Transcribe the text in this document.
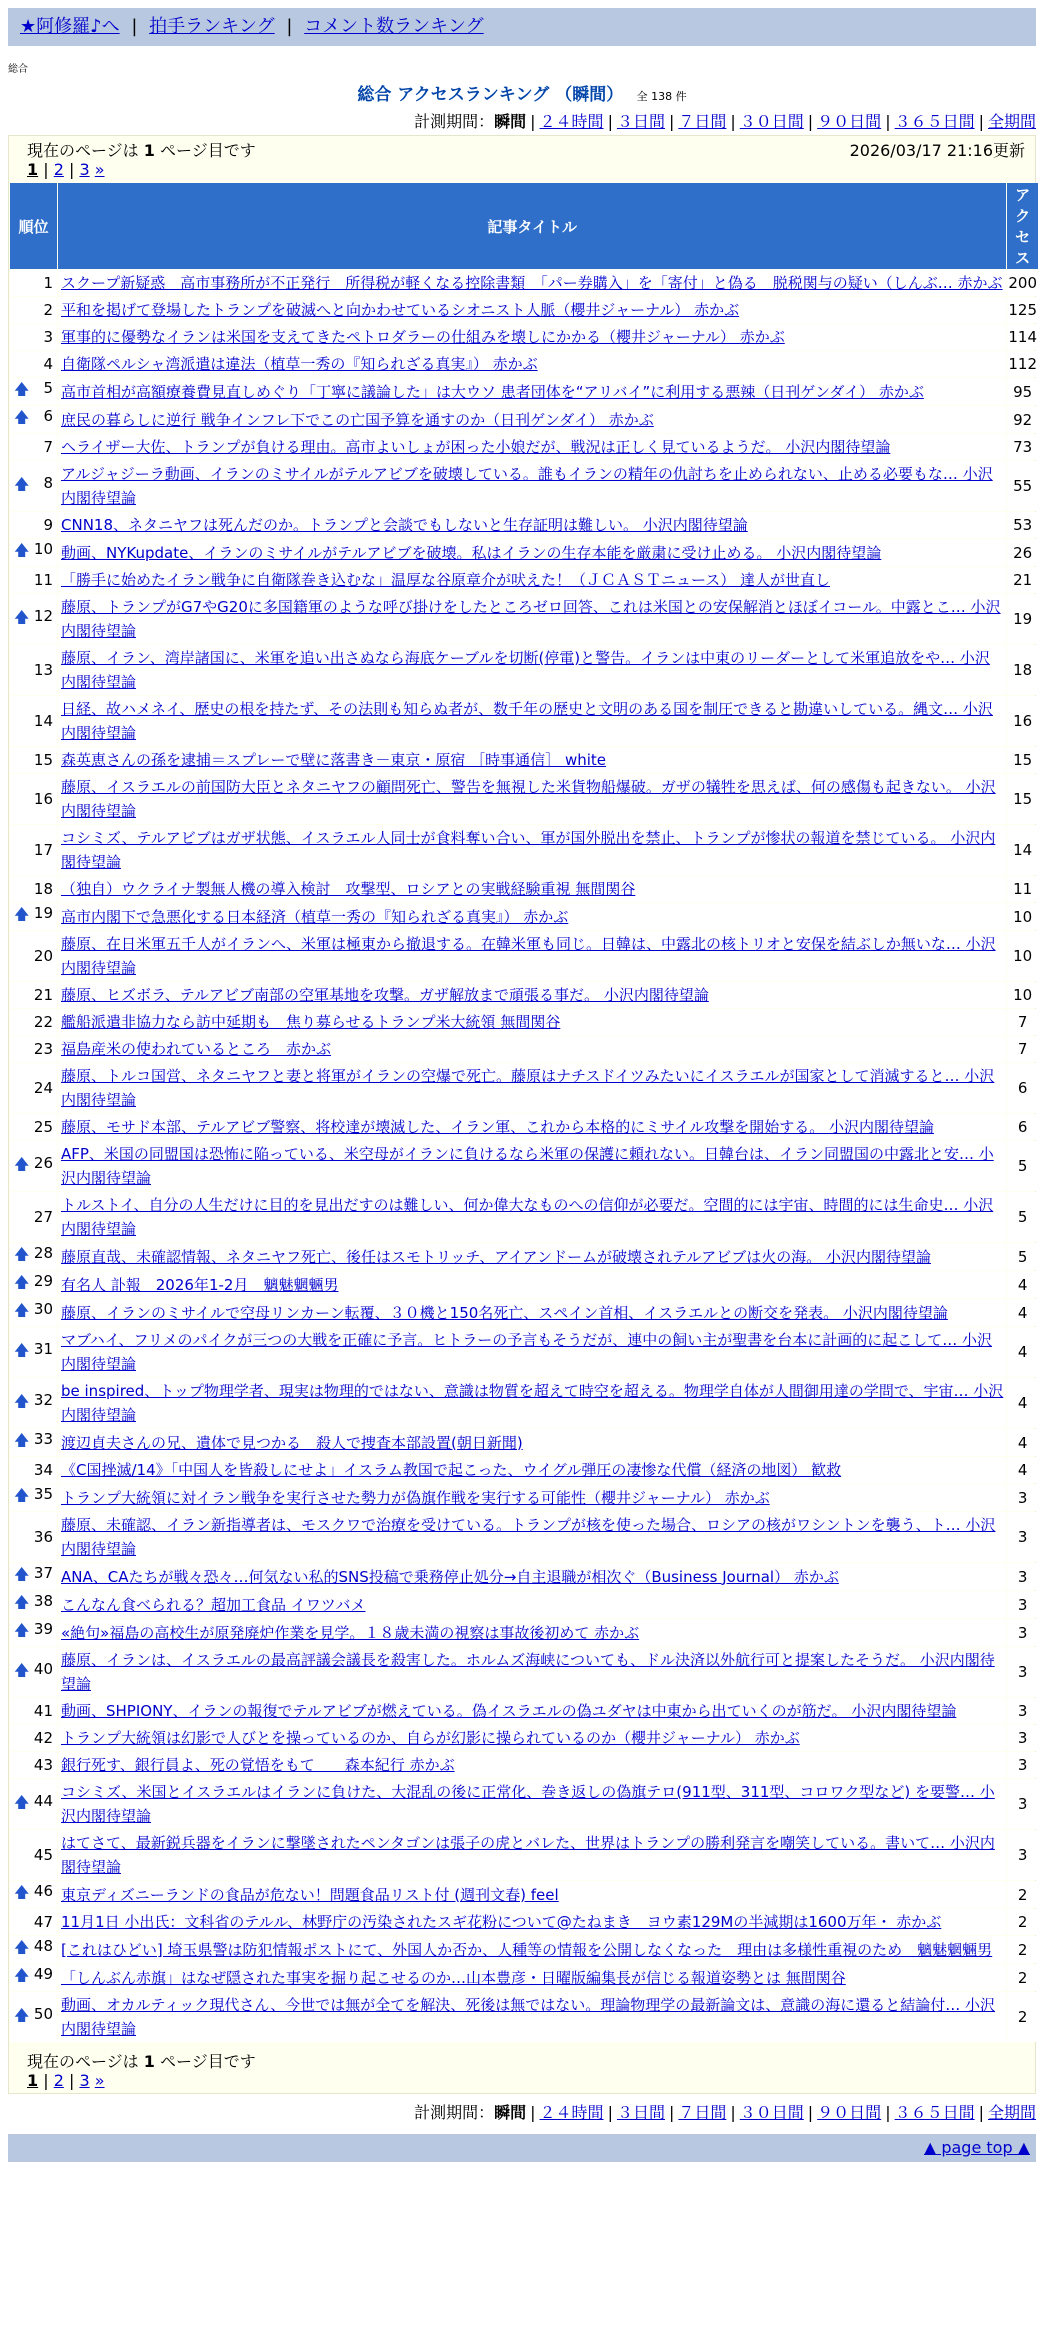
★阿修羅♪へ | 拍手ランキング | コメント数ランキング
総合
総合 アクセスランキング （瞬間） 全 138 件
計測期間：瞬間 | ２４時間 | ３日間 | ７日間 | ３０日間 | ９０日間 | ３６５日間 | 全期間
現在のページは 1 ページ目です	2026/03/17 21:16更新
1 | 2 | 3 »
順位	記事タイトル	アクセス
1	スクープ新疑惑　高市事務所が不正発行　所得税が軽くなる控除書類　「パー券購入」を「寄付」と偽る　脱税関与の疑い（しんぶ… 赤かぶ	200
2	平和を掲げて登場したトランプを破滅へと向かわせているシオニスト人脈（櫻井ジャーナル） 赤かぶ	125
3	軍事的に優勢なイランは米国を支えてきたペトロダラーの仕組みを壊しにかかる（櫻井ジャーナル） 赤かぶ	114
4	自衛隊ペルシャ湾派遣は違法（植草一秀の『知られざる真実』） 赤かぶ	112

🡅 5	高市首相が高額療養費見直しめぐり「丁寧に議論した」は大ウソ 患者団体を“アリバイ”に利用する悪辣（日刊ゲンダイ） 赤かぶ	95

🡅 6	庶民の暮らしに逆行 戦争インフレ下でこの亡国予算を通すのか（日刊ゲンダイ） 赤かぶ	92
7	ヘライザー大佐、トランプが負ける理由。高市よいしょが困った小娘だが、戦況は正しく見ているようだ。 小沢内閣待望論	73

🡅 8	アルジャジーラ動画、イランのミサイルがテルアビブを破壊している。誰もイランの精年の仇討ちを止められない、止める必要もな… 小沢内閣待望論	55
9	CNN18、ネタニヤフは死んだのか。トランプと会談でもしないと生存証明は難しい。 小沢内閣待望論	53

🡅 10	動画、NYKupdate、イランのミサイルがテルアビブを破壊。私はイランの生存本能を厳粛に受け止める。 小沢内閣待望論	26
11	「勝手に始めたイラン戦争に自衛隊巻き込むな」温厚な谷原章介が吠えた！（ＪＣＡＳＴニュース） 達人が世直し	21

🡅 12	藤原、トランプがG7やG20に多国籍軍のような呼び掛けをしたところゼロ回答、これは米国との安保解消とほぼイコール。中露とこ… 小沢内閣待望論	19
13	藤原、イラン、湾岸諸国に、米軍を追い出さぬなら海底ケーブルを切断(停電)と警告。イランは中東のリーダーとして米軍追放をや… 小沢内閣待望論	18
14	日経、故ハメネイ、歴史の根を持たず、その法則も知らぬ者が、数千年の歴史と文明のある国を制圧できると勘違いしている。縄文… 小沢内閣待望論	16
15	森英恵さんの孫を逮捕＝スプレーで壁に落書き－東京・原宿 ［時事通信］ white	15
16	藤原、イスラエルの前国防大臣とネタニヤフの顧問死亡、警告を無視した米貨物船爆破。ガザの犠牲を思えば、何の感傷も起きない。 小沢内閣待望論	15
17	コシミズ、テルアビブはガザ状態、イスラエル人同士が食料奪い合い、軍が国外脱出を禁止、トランプが惨状の報道を禁じている。 小沢内閣待望論	14
18	（独自）ウクライナ製無人機の導入検討　攻撃型、ロシアとの実戦経験重視 無間関谷	11

🡅 19	高市内閣下で急悪化する日本経済（植草一秀の『知られざる真実』） 赤かぶ	10
20	藤原、在日米軍五千人がイランへ、米軍は極東から撤退する。在韓米軍も同じ。日韓は、中露北の核トリオと安保を結ぶしか無いな… 小沢内閣待望論	10
21	藤原、ヒズボラ、テルアビブ南部の空軍基地を攻撃。ガザ解放まで頑張る事だ。 小沢内閣待望論	10
22	艦船派遣非協力なら訪中延期も　焦り募らせるトランプ米大統領 無間関谷	7
23	福島産米の使われているところ　赤かぶ	7
24	藤原、トルコ国営、ネタニヤフと妻と将軍がイランの空爆で死亡。藤原はナチスドイツみたいにイスラエルが国家として消滅すると… 小沢内閣待望論	6
25	藤原、モサド本部、テルアビブ警察、将校達が壊滅した、イラン軍、これから本格的にミサイル攻撃を開始する。 小沢内閣待望論	6

🡅 26	AFP、米国の同盟国は恐怖に陥っている、米空母がイランに負けるなら米軍の保護に頼れない。日韓台は、イラン同盟国の中露北と安… 小沢内閣待望論	5
27	トルストイ、自分の人生だけに目的を見出だすのは難しい、何か偉大なものへの信仰が必要だ。空間的には宇宙、時間的には生命史… 小沢内閣待望論	5

🡅 28	藤原直哉、未確認情報、ネタニヤフ死亡、後任はスモトリッチ、アイアンドームが破壊されテルアビブは火の海。 小沢内閣待望論	5

🡅 29	有名人 訃報　2026年1-2月　魑魅魍魎男	4

🡅 30	藤原、イランのミサイルで空母リンカーン転覆、３０機と150名死亡、スペイン首相、イスラエルとの断交を発表。 小沢内閣待望論	4

🡅 31	マブハイ、フリメのパイクが三つの大戦を正確に予言。ヒトラーの予言もそうだが、連中の飼い主が聖書を台本に計画的に起こして… 小沢内閣待望論	4

🡅 32	be inspired、トップ物理学者、現実は物理的ではない、意識は物質を超えて時空を超える。物理学自体が人間御用達の学問で、宇宙… 小沢内閣待望論	4

🡅 33	渡辺貞夫さんの兄、遺体で見つかる　殺人で捜査本部設置(朝日新聞)	4
34	《C国挫滅/14》「中国人を皆殺しにせよ」イスラム教国で起こった、ウイグル弾圧の凄惨な代償（経済の地図） 歓救	4

🡅 35	トランプ大統領に対イラン戦争を実行させた勢力が偽旗作戦を実行する可能性（櫻井ジャーナル） 赤かぶ	3
36	藤原、未確認、イラン新指導者は、モスクワで治療を受けている。トランプが核を使った場合、ロシアの核がワシントンを襲う、ト… 小沢内閣待望論	3

🡅 37	ANA、CAたちが戦々恐々…何気ない私的SNS投稿で乗務停止処分→自主退職が相次ぐ（Business Journal） 赤かぶ	3

🡅 38	こんなん食べられる？超加工食品 イワツバメ	3

🡅 39	«絶句»福島の高校生が原発廃炉作業を見学。１８歳未満の視察は事故後初めて 赤かぶ	3

🡅 40	藤原、イランは、イスラエルの最高評議会議長を殺害した。ホルムズ海峡についても、ドル決済以外航行可と提案したそうだ。 小沢内閣待望論	3
41	動画、SHPIONY、イランの報復でテルアビブが燃えている。偽イスラエルの偽ユダヤは中東から出ていくのが筋だ。 小沢内閣待望論	3
42	トランプ大統領は幻影で人びとを操っているのか、自らが幻影に操られているのか（櫻井ジャーナル） 赤かぶ	3
43	銀行死す、銀行員よ、死の覚悟をもて　　森本紀行 赤かぶ	3

🡅 44	コシミズ、米国とイスラエルはイランに負けた、大混乱の後に正常化、巻き返しの偽旗テロ(911型、311型、コロワク型など) を要警… 小沢内閣待望論	3
45	はてさて、最新鋭兵器をイランに撃墜されたペンタゴンは張子の虎とバレた、世界はトランプの勝利発言を嘲笑している。書いて… 小沢内閣待望論	3

🡅 46	東京ディズニーランドの食品が危ない！問題食品リスト付 (週刊文春) feel	2
47	11月1日 小出氏：文科省のテルル、林野庁の汚染されたスギ花粉について@たねまき　ヨウ素129Mの半減期は1600万年・ 赤かぶ	2

🡅 48	[これはひどい] 埼玉県警は防犯情報ポストにて、外国人か否か、人種等の情報を公開しなくなった　理由は多様性重視のため　魑魅魍魎男	2

🡅 49	「しんぶん赤旗」はなぜ隠された事実を掘り起こせるのか…山本豊彦・日曜版編集長が信じる報道姿勢とは 無間関谷	2

🡅 50	動画、オカルティック現代さん、今世では無が全てを解決、死後は無ではない。理論物理学の最新論文は、意識の海に還ると結論付… 小沢内閣待望論	2
現在のページは 1 ページ目です
1 | 2 | 3 »
計測期間：瞬間 | ２４時間 | ３日間 | ７日間 | ３０日間 | ９０日間 | ３６５日間 | 全期間
▲ page top ▲
